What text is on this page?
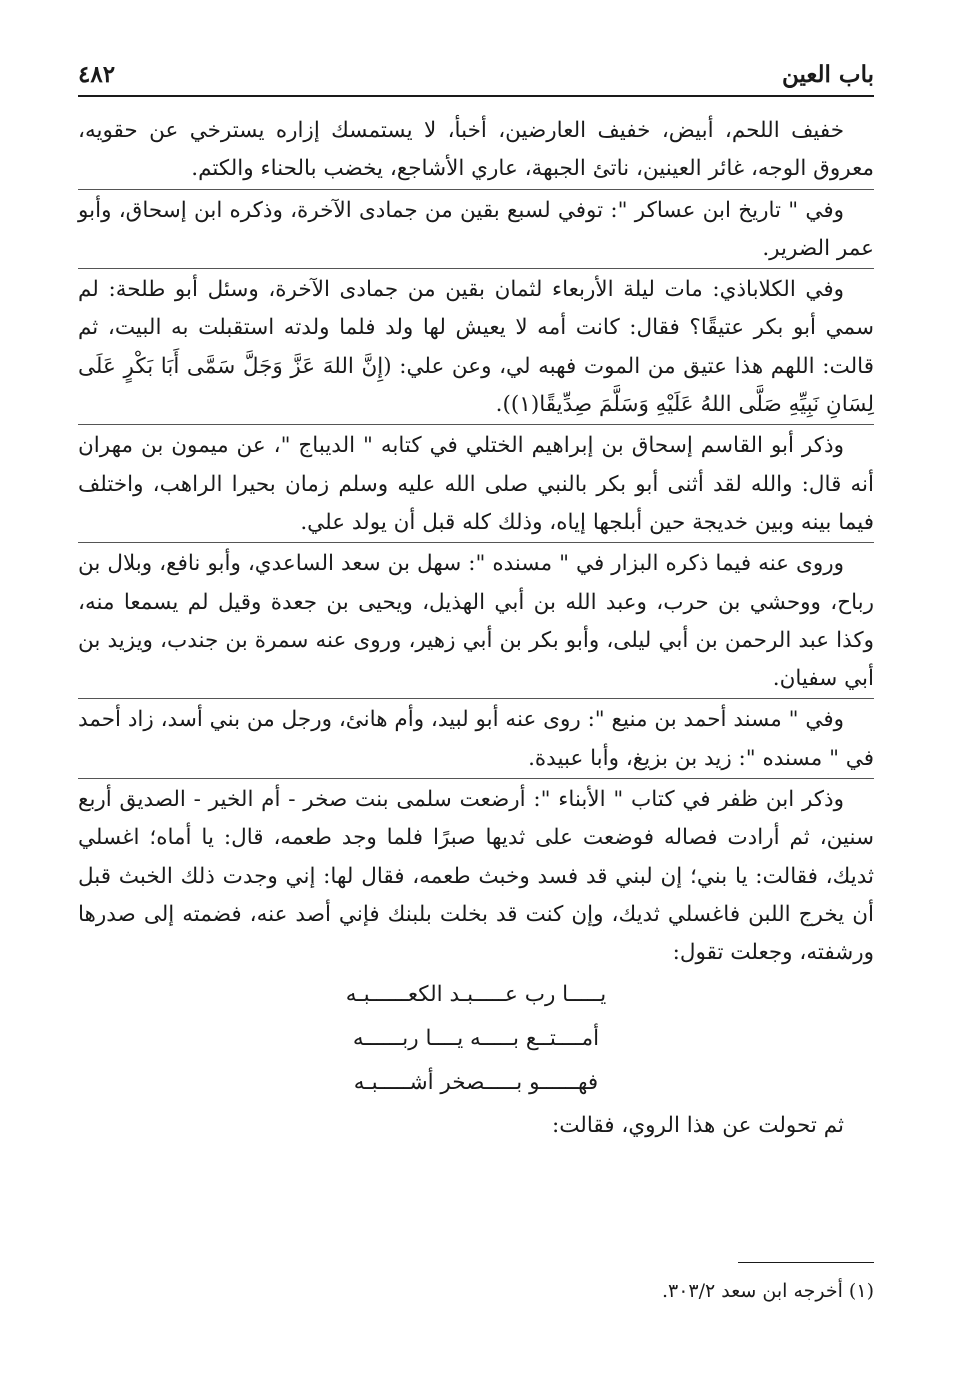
باب العين
٤٨٢

خفيف اللحم، أبيض، خفيف العارضين، أخبأ، لا يستمسك إزاره يسترخي عن حقويه، معروق الوجه، غائر العينين، ناتئ الجبهة، عاري الأشاجع، يخضب بالحناء والكتم.

وفي " تاريخ ابن عساكر ": توفي لسبع بقين من جمادى الآخرة، وذكره ابن إسحاق، وأبو عمر الضرير.

وفي الكلاباذي: مات ليلة الأربعاء لثمان بقين من جمادى الآخرة، وسئل أبو طلحة: لم سمي أبو بكر عتيقًا؟ فقال: كانت أمه لا يعيش لها ولد فلما ولدته استقبلت به البيت، ثم قالت: اللهم هذا عتيق من الموت فهبه لي، وعن علي: (إِنَّ اللهَ عَزَّ وَجَلَّ سَمَّى أَبَا بَكْرٍ عَلَى لِسَانِ نَبِيِّهِ صَلَّى اللهُ عَلَيْهِ وَسَلَّمَ صِدِّيقًا(١)).

وذكر أبو القاسم إسحاق بن إبراهيم الختلي في كتابه " الديباج "، عن ميمون بن مهران أنه قال: والله لقد أثنى أبو بكر بالنبي صلى الله عليه وسلم زمان بحيرا الراهب، واختلف فيما بينه وبين خديجة حين أبلجها إياه، وذلك كله قبل أن يولد علي.

وروى عنه فيما ذكره البزار في " مسنده ": سهل بن سعد الساعدي، وأبو نافع، وبلال بن رباح، ووحشي بن حرب، وعبد الله بن أبي الهذيل، ويحيى بن جعدة وقيل لم يسمعا منه، وكذا عبد الرحمن بن أبي ليلى، وأبو بكر بن أبي زهير، وروى عنه سمرة بن جندب، ويزيد بن أبي سفيان.

وفي " مسند أحمد بن منيع ": روى عنه أبو لبيد، وأم هانئ، ورجل من بني أسد، زاد أحمد في " مسنده ": زيد بن بزيغ، وأبا عبيدة.

وذكر ابن ظفر في كتاب " الأبناء ": أرضعت سلمى بنت صخر - أم الخير - الصديق أربع سنين، ثم أرادت فصاله فوضعت على ثديها صبرًا فلما وجد طعمه، قال: يا أماه؛ اغسلي ثديك، فقالت: يا بني؛ إن لبني قد فسد وخبث طعمه، فقال لها: إني وجدت ذلك الخبث قبل أن يخرج اللبن فاغسلي ثديك، وإن كنت قد بخلت بلبنك فإني أصد عنه، فضمته إلى صدرها ورشفته، وجعلت تقول:

يـــــا رب عـــــبـد الكعــــــبـه
أمــــتــع بـــــه يــــا ربــــــه
فهــــــو بـــــصخر أشـــــبـه

ثم تحولت عن هذا الروي، فقالت:

(١) أخرجه ابن سعد ٣٠٣/٢.
